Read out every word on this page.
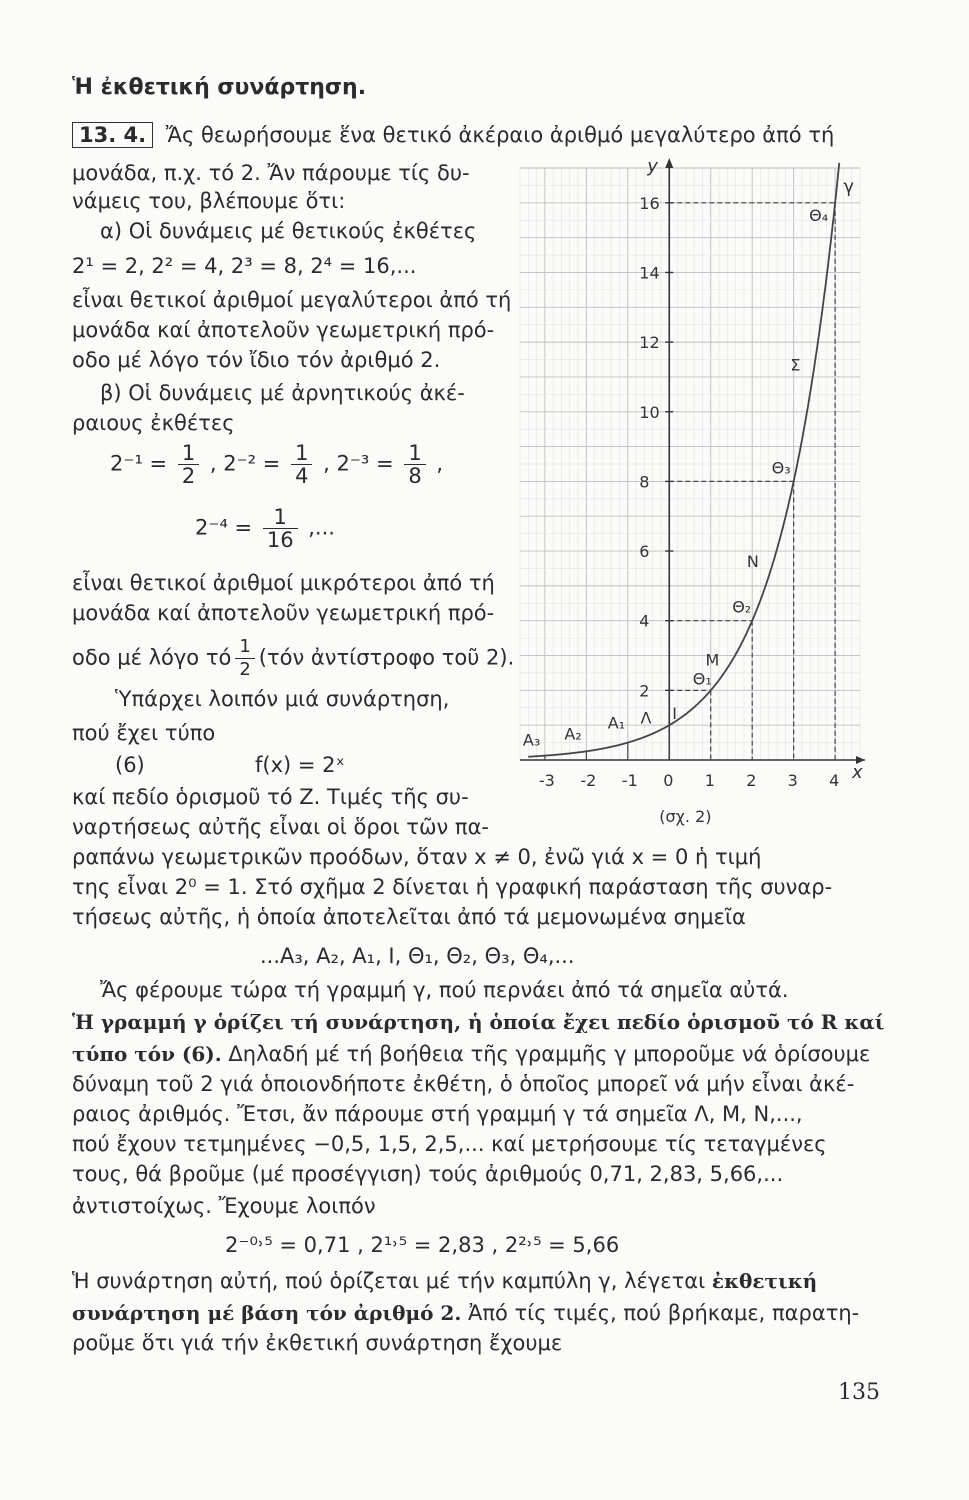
Ἡ ἐκθετική συνάρτηση.
13. 4. Ἄς θεωρήσουμε ἕνα θετικό ἀκέραιο ἀριθμό μεγαλύτερο ἀπό τή
μονάδα, π.χ. τό 2. Ἄν πάρουμε τίς δυ-
νάμεις του, βλέπουμε ὅτι:
α) Οἱ δυνάμεις μέ θετικούς ἐκθέτες
2¹ = 2, 2² = 4, 2³ = 8, 2⁴ = 16,...
εἶναι θετικοί ἀριθμοί μεγαλύτεροι ἀπό τή
μονάδα καί ἀποτελοῦν γεωμετρική πρό-
οδο μέ λόγο τόν ἴδιο τόν ἀριθμό 2.
β) Οἱ δυνάμεις μέ ἀρνητικούς ἀκέ-
ραιους ἐκθέτες
$2^{-1} = \frac{1}{2}$ , $2^{-2} = \frac{1}{4}$ , $2^{-3} = \frac{1}{8}$ ,
$2^{-4} = \frac{1}{16}$ ,...
εἶναι θετικοί ἀριθμοί μικρότεροι ἀπό τή
μονάδα καί ἀποτελοῦν γεωμετρική πρό-
οδο μέ λόγο τό $\frac{1}{2} (\tau ό\nu$ ἀντίστροφο τοῦ 2).
Ὑπάρχει λοιπόν μιά συνάρτηση,
πού ἔχει τύπο
(6)	f(x) = 2ˣ
καί πεδίο ὁρισμοῦ τό Z. Τιμές τῆς συ-
ναρτήσεως αὐτῆς εἶναι οἱ ὅροι τῶν πα-
ραπάνω γεωμετρικῶν προόδων, ὅταν x ≠ 0, ἐνῶ γιά x = 0 ἡ τιμή
της εἶναι 2⁰ = 1. Στό σχῆμα 2 δίνεται ἡ γραφική παράσταση τῆς συναρ-
τήσεως αὐτῆς, ἡ ὁποία ἀποτελεῖται ἀπό τά μεμονωμένα σημεῖα
...Α₃, Α₂, Α₁, Ι, Θ₁, Θ₂, Θ₃, Θ₄,...
Ἄς φέρουμε τώρα τή γραμμή γ, πού περνάει ἀπό τά σημεῖα αὐτά.
Ἡ γραμμή γ ὁρίζει τή συνάρτηση, ἡ ὁποία ἔχει πεδίο ὁρισμοῦ τό R καί
τύπο τόν (6). Δηλαδή μέ τή βοήθεια τῆς γραμμῆς γ μποροῦμε νά ὁρίσουμε
δύναμη τοῦ 2 γιά ὁποιονδήποτε ἐκθέτη, ὁ ὁποῖος μπορεῖ νά μήν εἶναι ἀκέ-
ραιος ἀριθμός. Ἔτσι, ἄν πάρουμε στή γραμμή γ τά σημεῖα Λ, Μ, Ν,...,
πού ἔχουν τετμημένες −0,5, 1,5, 2,5,... καί μετρήσουμε τίς τεταγμένες
τους, θά βροῦμε (μέ προσέγγιση) τούς ἀριθμούς 0,71, 2,83, 5,66,...
ἀντιστοίχως. Ἔχουμε λοιπόν
2⁻⁰˒⁵ = 0,71 , 2¹˒⁵ = 2,83 , 2²˒⁵ = 5,66
Ἡ συνάρτηση αὐτή, πού ὁρίζεται μέ τήν καμπύλη γ, λέγεται ἐκθετική
συνάρτηση μέ βάση τόν ἀριθμό 2. Ἀπό τίς τιμές, πού βρήκαμε, παρατη-
ροῦμε ὅτι γιά τήν ἐκθετική συνάρτηση ἔχουμε
135
x
y
-3 -2 -1 0 1 2 3 4
2
4
6
8
10
12
14
16
γ
Α₃ Α₂
Α₁	Ι
Θ₁
Θ₂
Θ₃
Θ₄
Λ
Μ
Ν
Σ
(σχ. 2)
